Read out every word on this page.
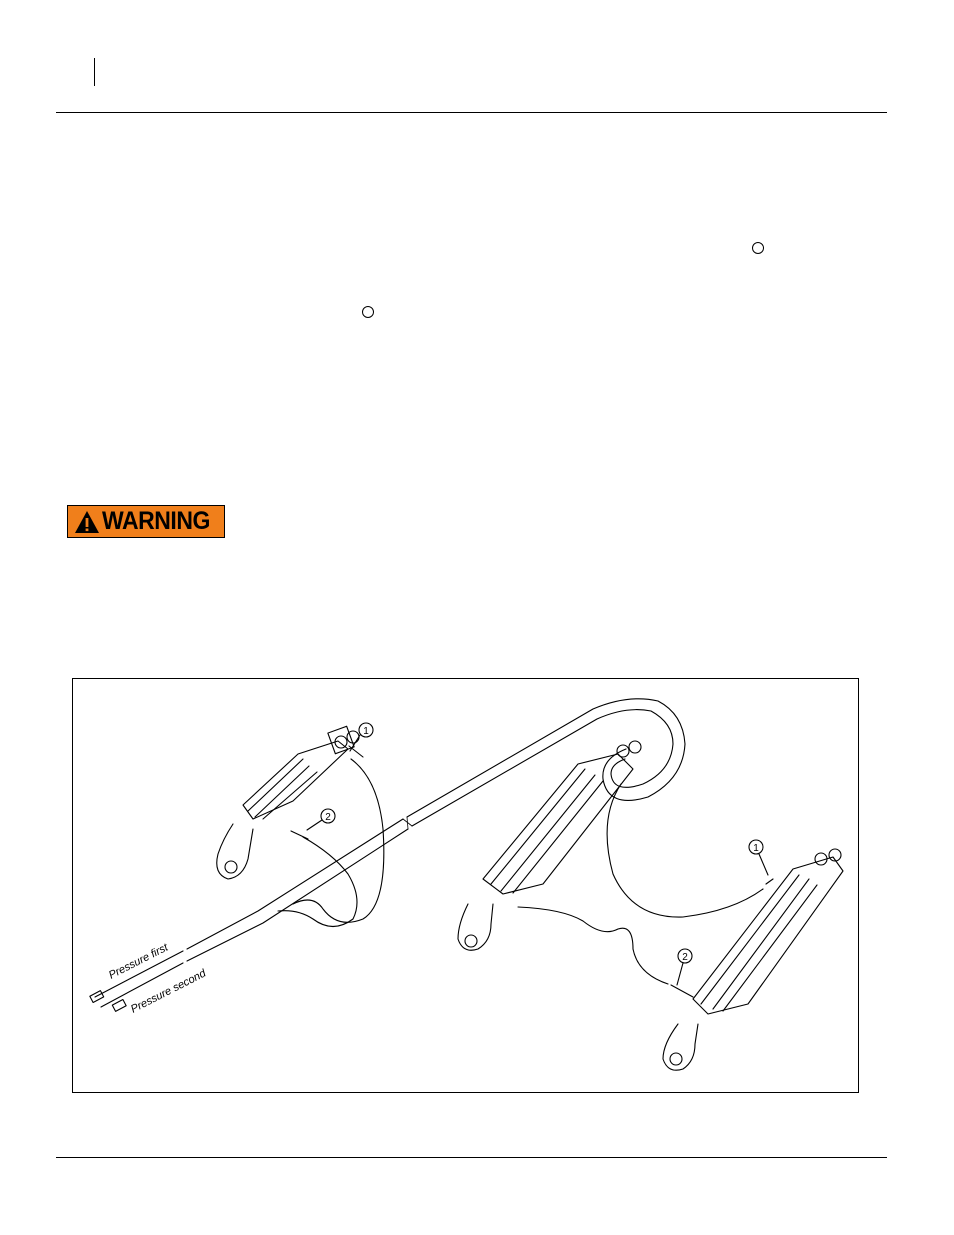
WARNING
1
2
1
2
Pressure first
Pressure second
